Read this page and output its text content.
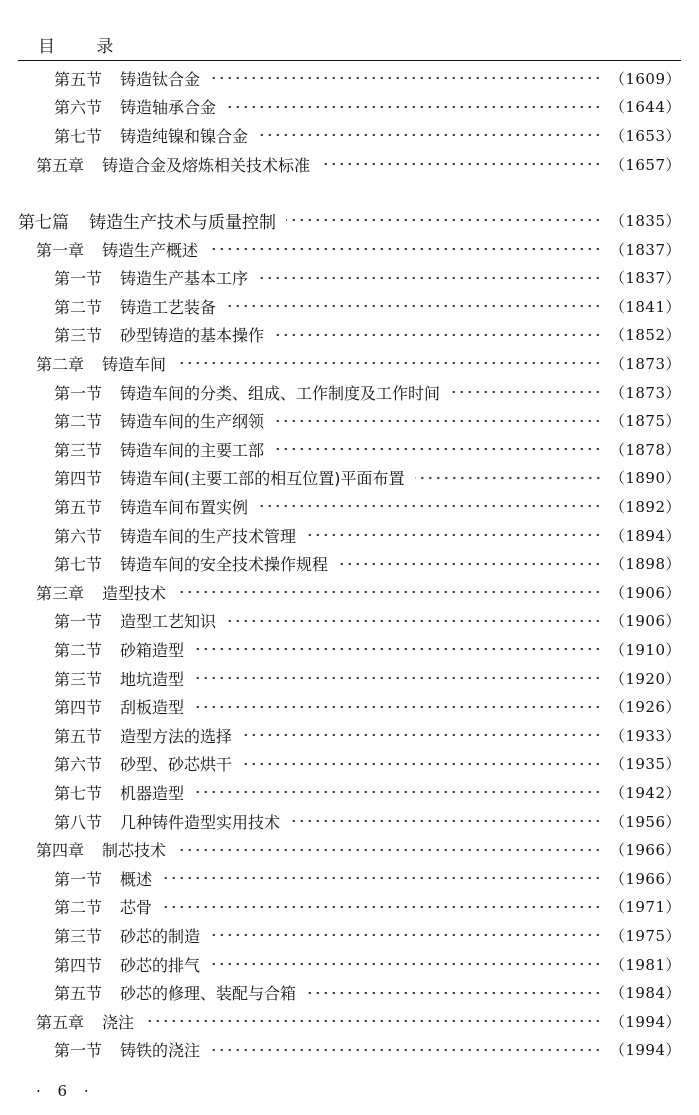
目 录
第五节 铸造钛合金	（1609）
第六节 铸造轴承合金	（1644）
第七节 铸造纯镍和镍合金	（1653）
第五章 铸造合金及熔炼相关技术标准	（1657）
第七篇 铸造生产技术与质量控制	（1835）
第一章 铸造生产概述	（1837）
第一节 铸造生产基本工序	（1837）
第二节 铸造工艺装备	（1841）
第三节 砂型铸造的基本操作	（1852）
第二章 铸造车间	（1873）
第一节 铸造车间的分类、组成、工作制度及工作时间	（1873）
第二节 铸造车间的生产纲领	（1875）
第三节 铸造车间的主要工部	（1878）
第四节 铸造车间(主要工部的相互位置)平面布置	（1890）
第五节 铸造车间布置实例	（1892）
第六节 铸造车间的生产技术管理	（1894）
第七节 铸造车间的安全技术操作规程	（1898）
第三章 造型技术	（1906）
第一节 造型工艺知识	（1906）
第二节 砂箱造型	（1910）
第三节 地坑造型	（1920）
第四节 刮板造型	（1926）
第五节 造型方法的选择	（1933）
第六节 砂型、砂芯烘干	（1935）
第七节 机器造型	（1942）
第八节 几种铸件造型实用技术	（1956）
第四章 制芯技术	（1966）
第一节 概述	（1966）
第二节 芯骨	（1971）
第三节 砂芯的制造	（1975）
第四节 砂芯的排气	（1981）
第五节 砂芯的修理、装配与合箱	（1984）
第五章 浇注	（1994）
第一节 铸铁的浇注	（1994）
· 6 ·
